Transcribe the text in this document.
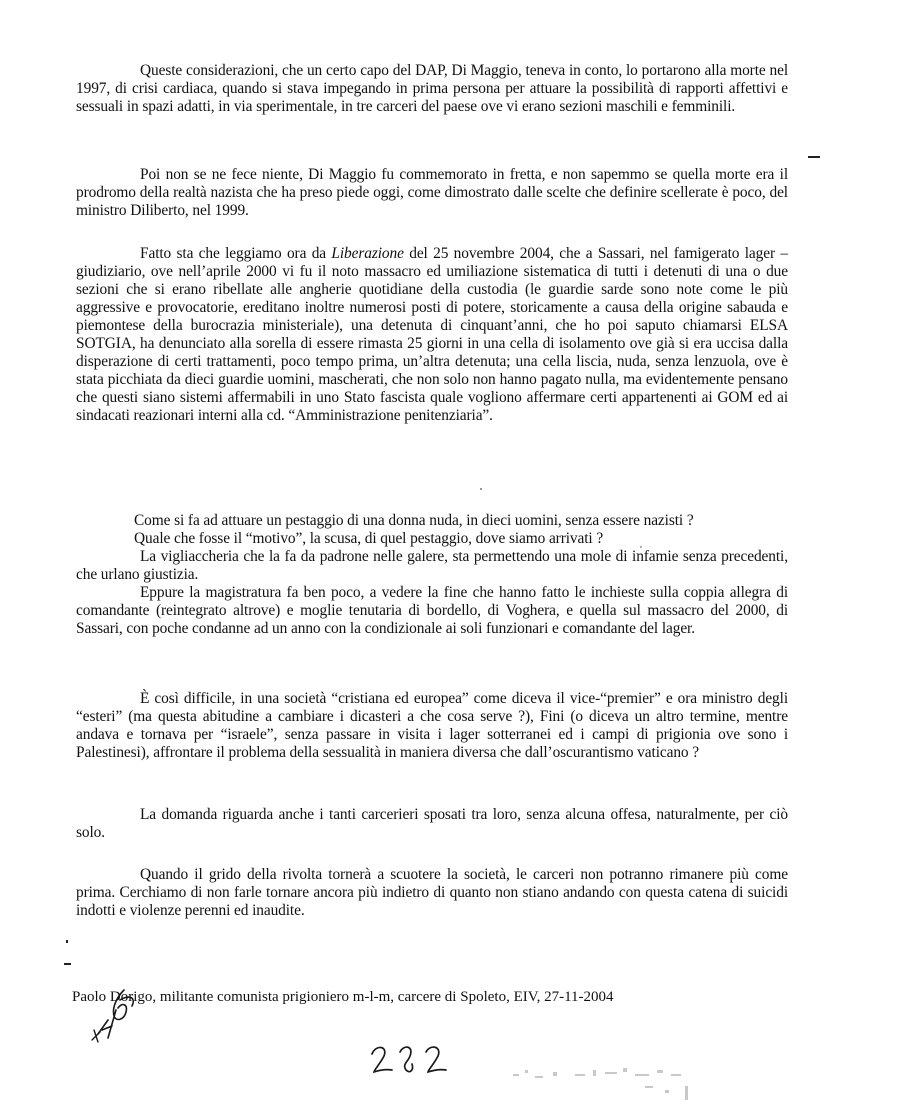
Queste considerazioni, che un certo capo del DAP, Di Maggio, teneva in conto, lo portarono alla morte nel 1997, di crisi cardiaca, quando si stava impegando in prima persona per attuare la possibilità di rapporti affettivi e sessuali in spazi adatti, in via sperimentale, in tre carceri del paese ove vi erano sezioni maschili e femminili.

Poi non se ne fece niente, Di Maggio fu commemorato in fretta, e non sapemmo se quella morte era il prodromo della realtà nazista che ha preso piede oggi, come dimostrato dalle scelte che definire scellerate è poco, del ministro Diliberto, nel 1999.

Fatto sta che leggiamo ora da Liberazione del 25 novembre 2004, che a Sassari, nel famigerato lager – giudiziario, ove nell’aprile 2000 vi fu il noto massacro ed umiliazione sistematica di tutti i detenuti di una o due sezioni che si erano ribellate alle angherie quotidiane della custodia (le guardie sarde sono note come le più aggressive e provocatorie, ereditano inoltre numerosi posti di potere, storicamente a causa della origine sabauda e piemontese della burocrazia ministeriale), una detenuta di cinquant’anni, che ho poi saputo chiamarsi ELSA SOTGIA, ha denunciato alla sorella di essere rimasta 25 giorni in una cella di isolamento ove già si era uccisa dalla disperazione di certi trattamenti, poco tempo prima, un’altra detenuta; una cella liscia, nuda, senza lenzuola, ove è stata picchiata da dieci guardie uomini, mascherati, che non solo non hanno pagato nulla, ma evidentemente pensano che questi siano sistemi affermabili in uno Stato fascista quale vogliono affermare certi appartenenti ai GOM ed ai sindacati reazionari interni alla cd. “Amministrazione penitenziaria”.

Come si fa ad attuare un pestaggio di una donna nuda, in dieci uomini, senza essere nazisti ?

Quale che fosse il “motivo”, la scusa, di quel pestaggio, dove siamo arrivati ?

La vigliaccheria che la fa da padrone nelle galere, sta permettendo una mole di infamie senza precedenti, che urlano giustizia.

Eppure la magistratura fa ben poco, a vedere la fine che hanno fatto le inchieste sulla coppia allegra di comandante (reintegrato altrove) e moglie tenutaria di bordello, di Voghera, e quella sul massacro del 2000, di Sassari, con poche condanne ad un anno con la condizionale ai soli funzionari e comandante del lager.

È così difficile, in una società “cristiana ed europea” come diceva il vice-“premier” e ora ministro degli “esteri” (ma questa abitudine a cambiare i dicasteri a che cosa serve ?), Fini (o diceva un altro termine, mentre andava e tornava per “israele”, senza passare in visita i lager sotterranei ed i campi di prigionia ove sono i Palestinesi), affrontare il problema della sessualità in maniera diversa che dall’oscurantismo vaticano ?

La domanda riguarda anche i tanti carcerieri sposati tra loro, senza alcuna offesa, naturalmente, per ciò solo.

Quando il grido della rivolta tornerà a scuotere la società, le carceri non potranno rimanere più come prima. Cerchiamo di non farle tornare ancora più indietro di quanto non stiano andando con questa catena di suicidi indotti e violenze perenni ed inaudite.

Paolo Dorigo, militante comunista prigioniero m-l-m, carcere di Spoleto, EIV, 27-11-2004
